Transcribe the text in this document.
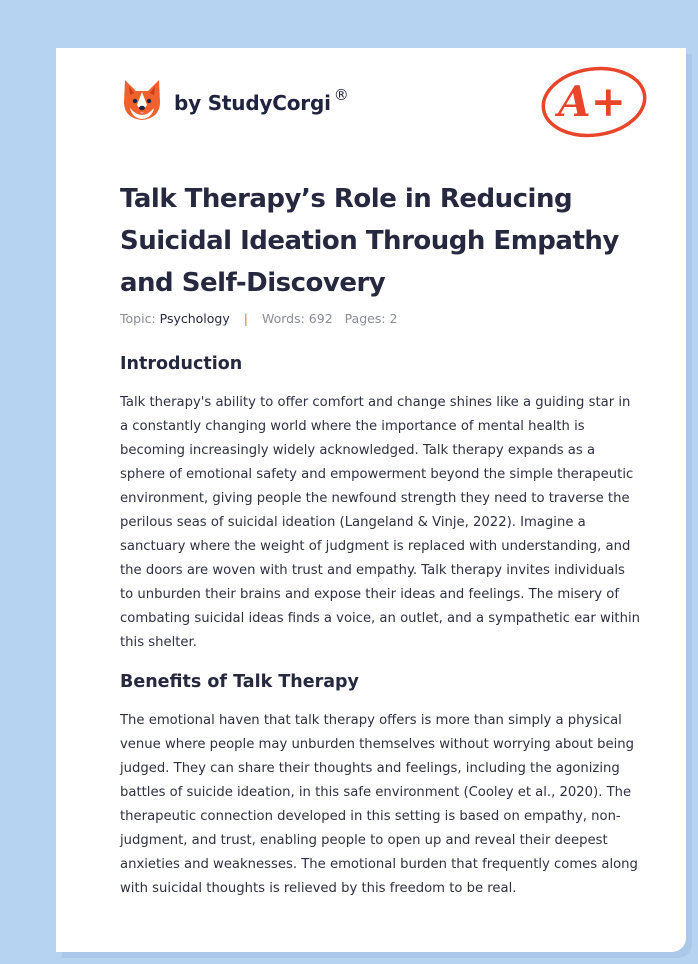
by StudyCorgi ®	A+
Talk Therapy’s Role in Reducing Suicidal Ideation Through Empathy and Self-Discovery
Topic: Psychology | Words: 692 Pages: 2
Introduction

Talk therapy's ability to offer comfort and change shines like a guiding star in a constantly changing world where the importance of mental health is becoming increasingly widely acknowledged. Talk therapy expands as a sphere of emotional safety and empowerment beyond the simple therapeutic environment, giving people the newfound strength they need to traverse the perilous seas of suicidal ideation (Langeland & Vinje, 2022). Imagine a sanctuary where the weight of judgment is replaced with understanding, and the doors are woven with trust and empathy. Talk therapy invites individuals to unburden their brains and expose their ideas and feelings. The misery of combating suicidal ideas finds a voice, an outlet, and a sympathetic ear within this shelter.

Benefits of Talk Therapy

The emotional haven that talk therapy offers is more than simply a physical venue where people may unburden themselves without worrying about being judged. They can share their thoughts and feelings, including the agonizing battles of suicide ideation, in this safe environment (Cooley et al., 2020). The therapeutic connection developed in this setting is based on empathy, non-judgment, and trust, enabling people to open up and reveal their deepest anxieties and weaknesses. The emotional burden that frequently comes along with suicidal thoughts is relieved by this freedom to be real.
